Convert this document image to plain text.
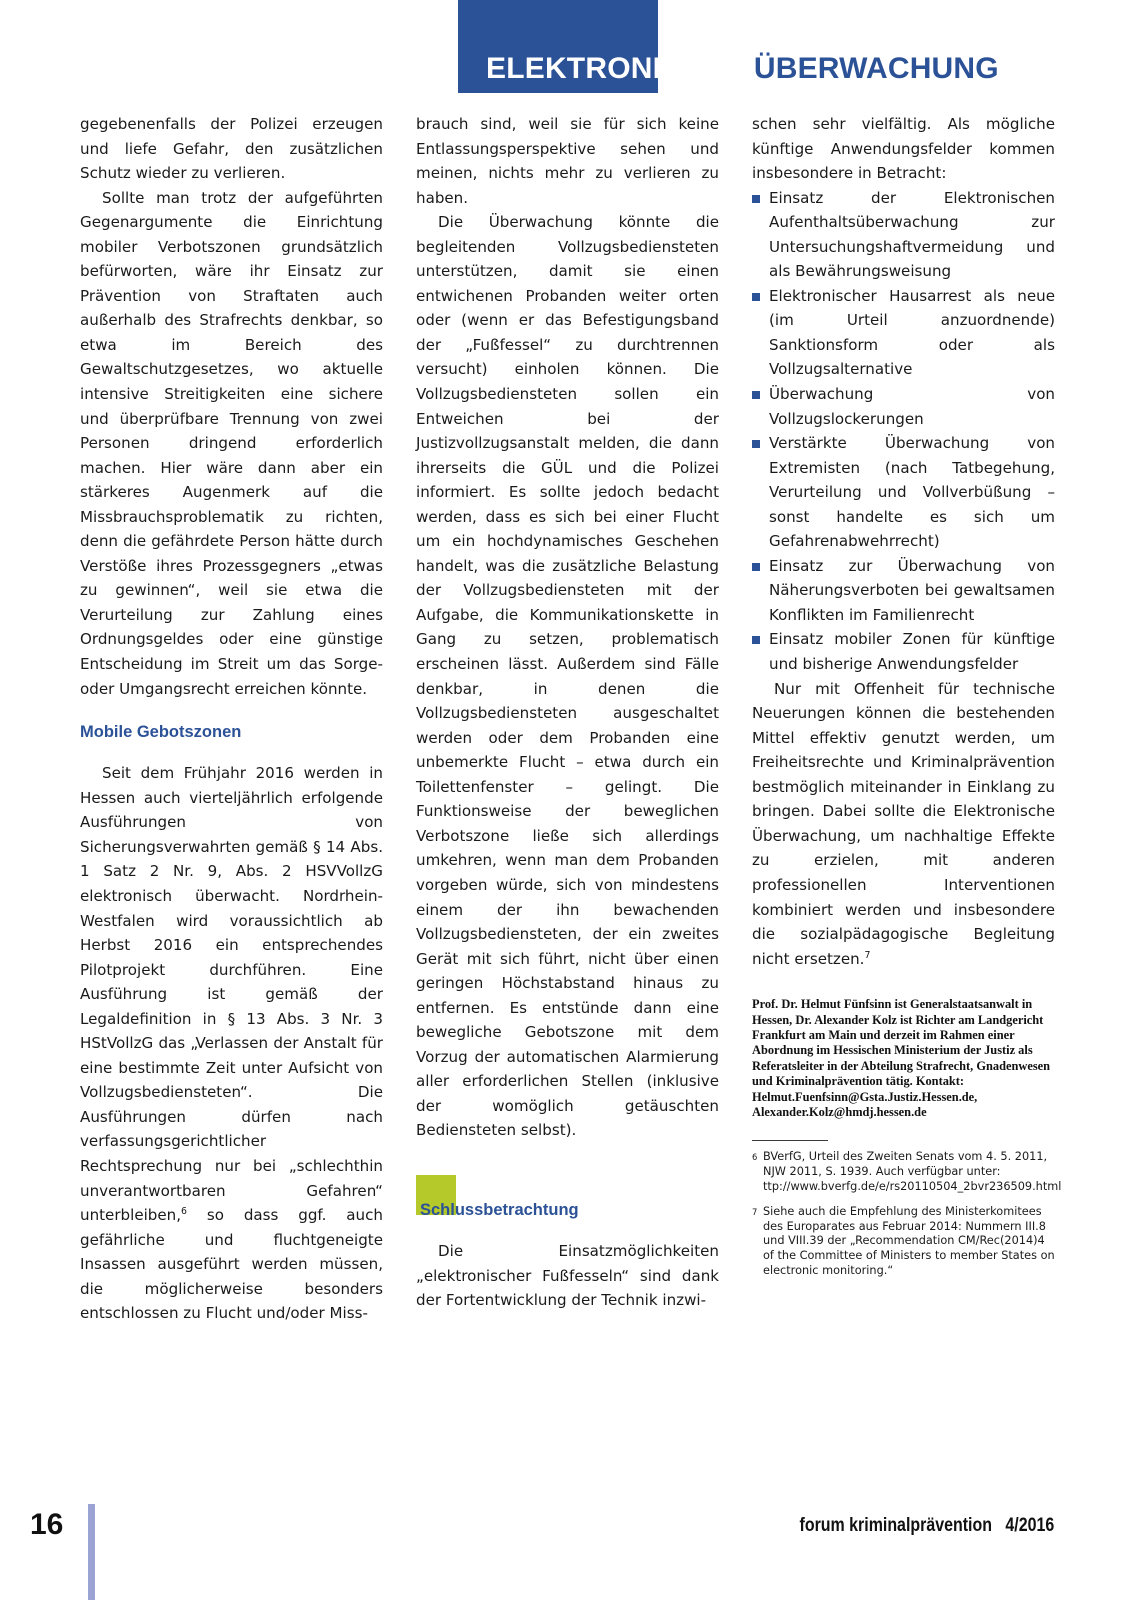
ELEKTRONISCHE ÜBERWACHUNG

gegebenenfalls der Polizei erzeugen und liefe Gefahr, den zusätzlichen Schutz wieder zu verlieren.

Sollte man trotz der aufgeführten Gegenargumente die Einrichtung mobiler Verbotszonen grundsätzlich befürworten, wäre ihr Einsatz zur Prävention von Straftaten auch außerhalb des Strafrechts denkbar, so etwa im Bereich des Gewaltschutzgesetzes, wo aktuelle intensive Streitigkeiten eine sichere und überprüfbare Trennung von zwei Personen dringend erforderlich machen. Hier wäre dann aber ein stärkeres Augenmerk auf die Missbrauchsproblematik zu richten, denn die gefährdete Person hätte durch Verstöße ihres Prozessgegners „etwas zu gewinnen“, weil sie etwa die Verurteilung zur Zahlung eines Ordnungsgeldes oder eine günstige Entscheidung im Streit um das Sorge- oder Umgangsrecht erreichen könnte.

Mobile Gebotszonen

Seit dem Frühjahr 2016 werden in Hessen auch vierteljährlich erfolgende Ausführungen von Sicherungsverwahrten gemäß § 14 Abs. 1 Satz 2 Nr. 9, Abs. 2 HSVVollzG elektronisch überwacht. Nordrhein-Westfalen wird voraussichtlich ab Herbst 2016 ein entsprechendes Pilotprojekt durchführen. Eine Ausführung ist gemäß der Legaldefinition in § 13 Abs. 3 Nr. 3 HStVollzG das „Verlassen der Anstalt für eine bestimmte Zeit unter Aufsicht von Vollzugsbediensteten“. Die Ausführungen dürfen nach verfassungsgerichtlicher Rechtsprechung nur bei „schlechthin unverantwortbaren Gefahren“ unterbleiben,$^6$ so dass ggf. auch gefährliche und fluchtgeneigte Insassen ausgeführt werden müssen, die möglicherweise besonders entschlossen zu Flucht und/oder Miss-

brauch sind, weil sie für sich keine Entlassungsperspektive sehen und meinen, nichts mehr zu verlieren zu haben.

Die Überwachung könnte die begleitenden Vollzugsbediensteten unterstützen, damit sie einen entwichenen Probanden weiter orten oder (wenn er das Befestigungsband der „Fußfessel“ zu durchtrennen versucht) einholen können. Die Vollzugsbediensteten sollen ein Entweichen bei der Justizvollzugsanstalt melden, die dann ihrerseits die GÜL und die Polizei informiert. Es sollte jedoch bedacht werden, dass es sich bei einer Flucht um ein hochdynamisches Geschehen handelt, was die zusätzliche Belastung der Vollzugsbediensteten mit der Aufgabe, die Kommunikationskette in Gang zu setzen, problematisch erscheinen lässt. Außerdem sind Fälle denkbar, in denen die Vollzugsbediensteten ausgeschaltet werden oder dem Probanden eine unbemerkte Flucht – etwa durch ein Toilettenfenster – gelingt. Die Funktionsweise der beweglichen Verbotszone ließe sich allerdings umkehren, wenn man dem Probanden vorgeben würde, sich von mindestens einem der ihn bewachenden Vollzugsbediensteten, der ein zweites Gerät mit sich führt, nicht über einen geringen Höchstabstand hinaus zu entfernen. Es entstünde dann eine bewegliche Gebotszone mit dem Vorzug der automatischen Alarmierung aller erforderlichen Stellen (inklusive der womöglich getäuschten Bediensteten selbst).

Schlussbetrachtung

Die Einsatzmöglichkeiten „elektronischer Fußfesseln“ sind dank der Fortentwicklung der Technik inzwi-

schen sehr vielfältig. Als mögliche künftige Anwendungsfelder kommen insbesondere in Betracht:

Einsatz der Elektronischen Aufenthaltsüberwachung zur Untersuchungshaftvermeidung und als Bewährungsweisung
Elektronischer Hausarrest als neue (im Urteil anzuordnende) Sanktionsform oder als Vollzugsalternative
Überwachung von Vollzugslockerungen
Verstärkte Überwachung von Extremisten (nach Tatbegehung, Verurteilung und Vollverbüßung – sonst handelte es sich um Gefahrenabwehrrecht)
Einsatz zur Überwachung von Näherungsverboten bei gewaltsamen Konflikten im Familienrecht
Einsatz mobiler Zonen für künftige und bisherige Anwendungsfelder

Nur mit Offenheit für technische Neuerungen können die bestehenden Mittel effektiv genutzt werden, um Freiheitsrechte und Kriminalprävention bestmöglich miteinander in Einklang zu bringen. Dabei sollte die Elektronische Überwachung, um nachhaltige Effekte zu erzielen, mit anderen professionellen Interventionen kombiniert werden und insbesondere die sozialpädagogische Begleitung nicht ersetzen.$^7$

Prof. Dr. Helmut Fünfsinn ist Generalstaatsanwalt in Hessen, Dr. Alexander Kolz ist Richter am Landgericht Frankfurt am Main und derzeit im Rahmen einer Abordnung im Hessischen Ministerium der Justiz als Referatsleiter in der Abteilung Strafrecht, Gnadenwesen und Kriminalprävention tätig. Kontakt: Helmut.Fuenfsinn@Gsta.Justiz.Hessen.de, Alexander.Kolz@hmdj.hessen.de

6 BVerfG, Urteil des Zweiten Senats vom 4. 5. 2011, NJW 2011, S. 1939. Auch verfügbar unter: ttp://www.bverfg.de/e/rs20110504_2bvr236509.html

7 Siehe auch die Empfehlung des Ministerkomitees des Europarates aus Februar 2014: Nummern III.8 und VIII.39 der „Recommendation CM/Rec(2014)4 of the Committee of Ministers to member States on electronic monitoring.“

16	forum kriminalprävention 4/2016
